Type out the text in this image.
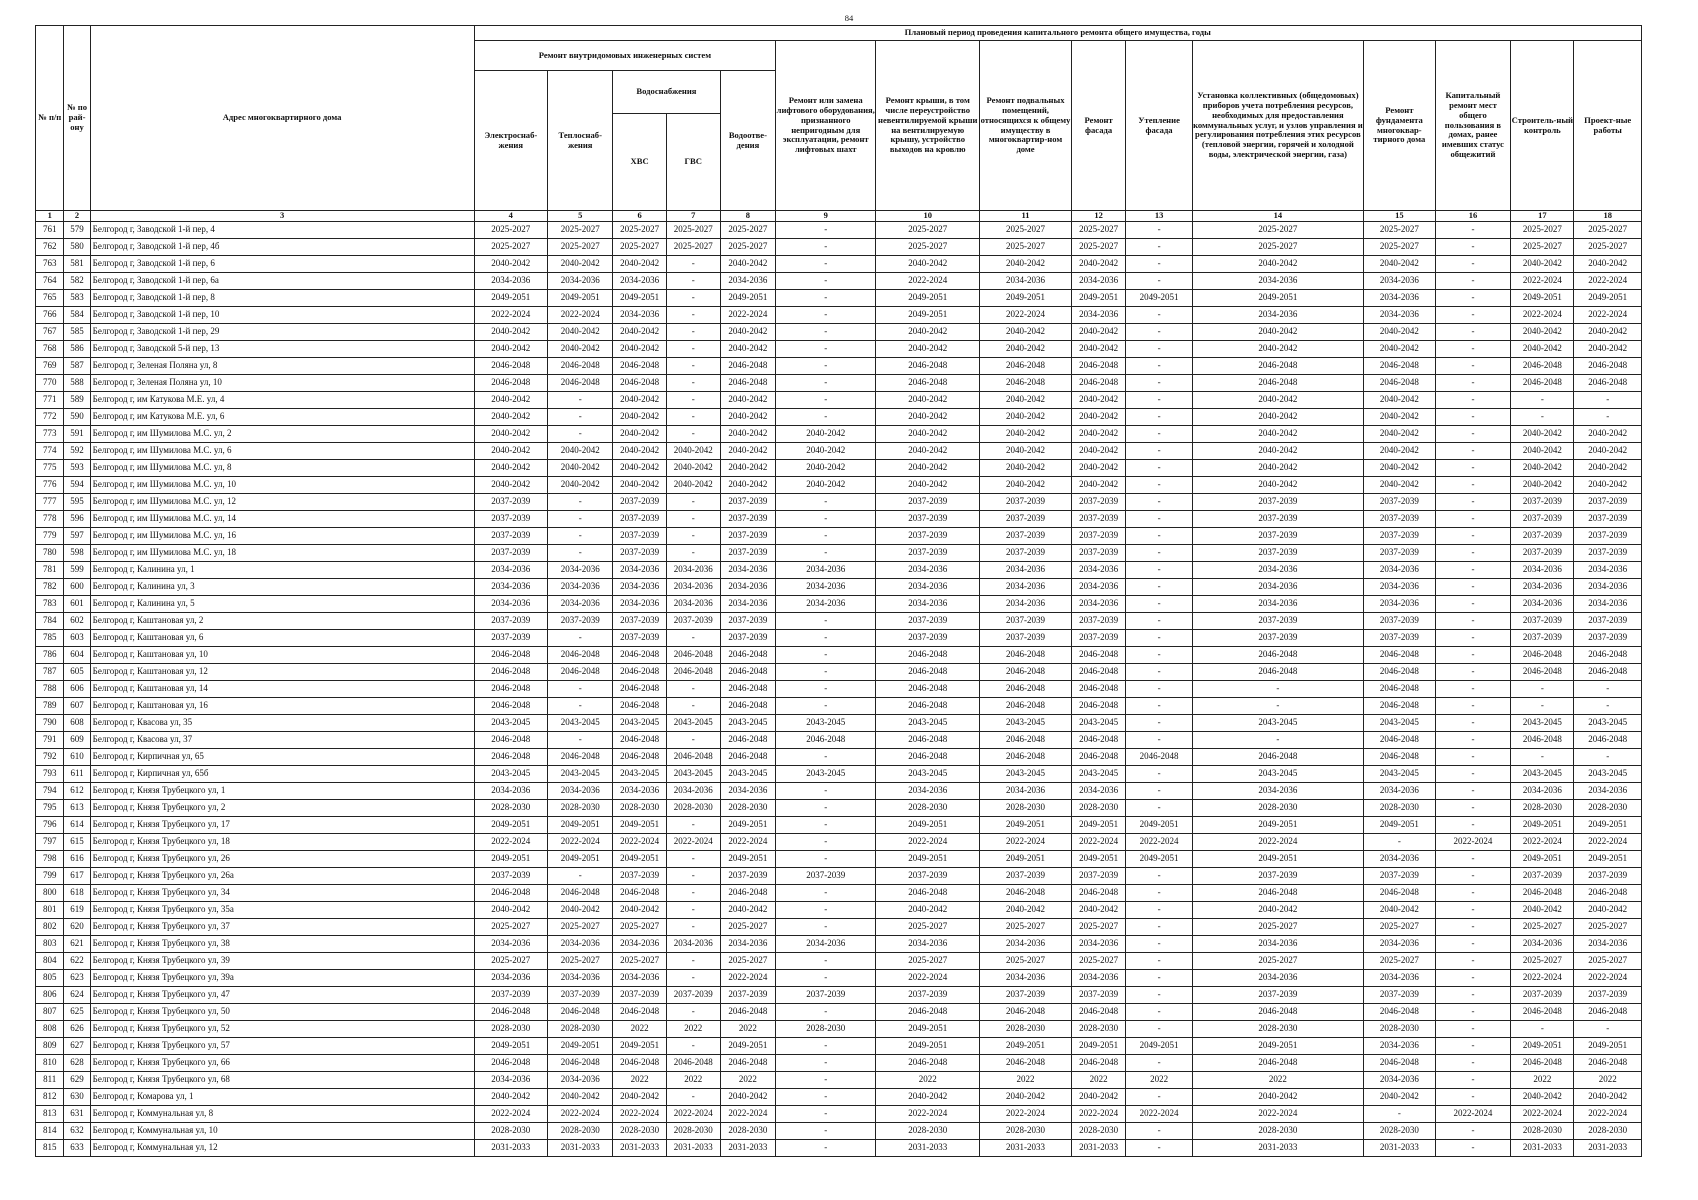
84
№ п/п	№ по рай-ону	Адрес многоквартирного дома	Плановый период проведения капитального ремонта общего имущества, годы														
			Ремонт внутридомовых инженерных систем					Ремонт или замена лифтового оборудования, признанного непригодным для эксплуатации, ремонт лифтовых шахт	Ремонт крыши, в том числе переустройство невентилируемой крыши на вентилируемую крышу, устройство выходов на кровлю	Ремонт подвальных помещений, относящихся к общему имуществу в многоквартир-ном доме	Ремонт фасада	Утепление фасада	Установка коллективных (общедомовых) приборов учета потребления ресурсов, необходимых для предоставления коммунальных услуг, и узлов управления и регулирования потребления этих ресурсов (тепловой энергии, горячей и холодной воды, электрической энергии, газа)	Ремонт фундамента многоквар-тирного дома	Капитальный ремонт мест общего пользования в домах, ранее имевших статус общежитий	Строитель-ный контроль	Проект-ные работы
			Электроснаб-жения	Теплоснаб-жения	Водоснабжения		Водоотве-дения										
					ХВС	ГВС											
1	2	3	4	5	6	7	8	9	10	11	12	13	14	15	16	17	18
761	579	Белгород г, Заводской 1-й пер, 4	2025-2027	2025-2027	2025-2027	2025-2027	2025-2027	-	2025-2027	2025-2027	2025-2027	-	2025-2027	2025-2027	-	2025-2027	2025-2027
762	580	Белгород г, Заводской 1-й пер, 4б	2025-2027	2025-2027	2025-2027	2025-2027	2025-2027	-	2025-2027	2025-2027	2025-2027	-	2025-2027	2025-2027	-	2025-2027	2025-2027
763	581	Белгород г, Заводской 1-й пер, 6	2040-2042	2040-2042	2040-2042	-	2040-2042	-	2040-2042	2040-2042	2040-2042	-	2040-2042	2040-2042	-	2040-2042	2040-2042
764	582	Белгород г, Заводской 1-й пер, 6а	2034-2036	2034-2036	2034-2036	-	2034-2036	-	2022-2024	2034-2036	2034-2036	-	2034-2036	2034-2036	-	2022-2024	2022-2024
765	583	Белгород г, Заводской 1-й пер, 8	2049-2051	2049-2051	2049-2051	-	2049-2051	-	2049-2051	2049-2051	2049-2051	2049-2051	2049-2051	2034-2036	-	2049-2051	2049-2051
766	584	Белгород г, Заводской 1-й пер, 10	2022-2024	2022-2024	2034-2036	-	2022-2024	-	2049-2051	2022-2024	2034-2036	-	2034-2036	2034-2036	-	2022-2024	2022-2024
767	585	Белгород г, Заводской 1-й пер, 29	2040-2042	2040-2042	2040-2042	-	2040-2042	-	2040-2042	2040-2042	2040-2042	-	2040-2042	2040-2042	-	2040-2042	2040-2042
768	586	Белгород г, Заводской 5-й пер, 13	2040-2042	2040-2042	2040-2042	-	2040-2042	-	2040-2042	2040-2042	2040-2042	-	2040-2042	2040-2042	-	2040-2042	2040-2042
769	587	Белгород г, Зеленая Поляна ул, 8	2046-2048	2046-2048	2046-2048	-	2046-2048	-	2046-2048	2046-2048	2046-2048	-	2046-2048	2046-2048	-	2046-2048	2046-2048
770	588	Белгород г, Зеленая Поляна ул, 10	2046-2048	2046-2048	2046-2048	-	2046-2048	-	2046-2048	2046-2048	2046-2048	-	2046-2048	2046-2048	-	2046-2048	2046-2048
771	589	Белгород г, им Катукова М.Е. ул, 4	2040-2042	-	2040-2042	-	2040-2042	-	2040-2042	2040-2042	2040-2042	-	2040-2042	2040-2042	-	-	-
772	590	Белгород г, им Катукова М.Е. ул, 6	2040-2042	-	2040-2042	-	2040-2042	-	2040-2042	2040-2042	2040-2042	-	2040-2042	2040-2042	-	-	-
773	591	Белгород г, им Шумилова М.С. ул, 2	2040-2042	-	2040-2042	-	2040-2042	2040-2042	2040-2042	2040-2042	2040-2042	-	2040-2042	2040-2042	-	2040-2042	2040-2042
774	592	Белгород г, им Шумилова М.С. ул, 6	2040-2042	2040-2042	2040-2042	2040-2042	2040-2042	2040-2042	2040-2042	2040-2042	2040-2042	-	2040-2042	2040-2042	-	2040-2042	2040-2042
775	593	Белгород г, им Шумилова М.С. ул, 8	2040-2042	2040-2042	2040-2042	2040-2042	2040-2042	2040-2042	2040-2042	2040-2042	2040-2042	-	2040-2042	2040-2042	-	2040-2042	2040-2042
776	594	Белгород г, им Шумилова М.С. ул, 10	2040-2042	2040-2042	2040-2042	2040-2042	2040-2042	2040-2042	2040-2042	2040-2042	2040-2042	-	2040-2042	2040-2042	-	2040-2042	2040-2042
777	595	Белгород г, им Шумилова М.С. ул, 12	2037-2039	-	2037-2039	-	2037-2039	-	2037-2039	2037-2039	2037-2039	-	2037-2039	2037-2039	-	2037-2039	2037-2039
778	596	Белгород г, им Шумилова М.С. ул, 14	2037-2039	-	2037-2039	-	2037-2039	-	2037-2039	2037-2039	2037-2039	-	2037-2039	2037-2039	-	2037-2039	2037-2039
779	597	Белгород г, им Шумилова М.С. ул, 16	2037-2039	-	2037-2039	-	2037-2039	-	2037-2039	2037-2039	2037-2039	-	2037-2039	2037-2039	-	2037-2039	2037-2039
780	598	Белгород г, им Шумилова М.С. ул, 18	2037-2039	-	2037-2039	-	2037-2039	-	2037-2039	2037-2039	2037-2039	-	2037-2039	2037-2039	-	2037-2039	2037-2039
781	599	Белгород г, Калинина ул, 1	2034-2036	2034-2036	2034-2036	2034-2036	2034-2036	2034-2036	2034-2036	2034-2036	2034-2036	-	2034-2036	2034-2036	-	2034-2036	2034-2036
782	600	Белгород г, Калинина ул, 3	2034-2036	2034-2036	2034-2036	2034-2036	2034-2036	2034-2036	2034-2036	2034-2036	2034-2036	-	2034-2036	2034-2036	-	2034-2036	2034-2036
783	601	Белгород г, Калинина ул, 5	2034-2036	2034-2036	2034-2036	2034-2036	2034-2036	2034-2036	2034-2036	2034-2036	2034-2036	-	2034-2036	2034-2036	-	2034-2036	2034-2036
784	602	Белгород г, Каштановая ул, 2	2037-2039	2037-2039	2037-2039	2037-2039	2037-2039	-	2037-2039	2037-2039	2037-2039	-	2037-2039	2037-2039	-	2037-2039	2037-2039
785	603	Белгород г, Каштановая ул, 6	2037-2039	-	2037-2039	-	2037-2039	-	2037-2039	2037-2039	2037-2039	-	2037-2039	2037-2039	-	2037-2039	2037-2039
786	604	Белгород г, Каштановая ул, 10	2046-2048	2046-2048	2046-2048	2046-2048	2046-2048	-	2046-2048	2046-2048	2046-2048	-	2046-2048	2046-2048	-	2046-2048	2046-2048
787	605	Белгород г, Каштановая ул, 12	2046-2048	2046-2048	2046-2048	2046-2048	2046-2048	-	2046-2048	2046-2048	2046-2048	-	2046-2048	2046-2048	-	2046-2048	2046-2048
788	606	Белгород г, Каштановая ул, 14	2046-2048	-	2046-2048	-	2046-2048	-	2046-2048	2046-2048	2046-2048	-	-	2046-2048	-	-	-
789	607	Белгород г, Каштановая ул, 16	2046-2048	-	2046-2048	-	2046-2048	-	2046-2048	2046-2048	2046-2048	-	-	2046-2048	-	-	-
790	608	Белгород г, Квасова ул, 35	2043-2045	2043-2045	2043-2045	2043-2045	2043-2045	2043-2045	2043-2045	2043-2045	2043-2045	-	2043-2045	2043-2045	-	2043-2045	2043-2045
791	609	Белгород г, Квасова ул, 37	2046-2048	-	2046-2048	-	2046-2048	2046-2048	2046-2048	2046-2048	2046-2048	-	-	2046-2048	-	2046-2048	2046-2048
792	610	Белгород г, Кирпичная ул, 65	2046-2048	2046-2048	2046-2048	2046-2048	2046-2048	-	2046-2048	2046-2048	2046-2048	2046-2048	2046-2048	2046-2048	-	-	-
793	611	Белгород г, Кирпичная ул, 65б	2043-2045	2043-2045	2043-2045	2043-2045	2043-2045	2043-2045	2043-2045	2043-2045	2043-2045	-	2043-2045	2043-2045	-	2043-2045	2043-2045
794	612	Белгород г, Князя Трубецкого ул, 1	2034-2036	2034-2036	2034-2036	2034-2036	2034-2036	-	2034-2036	2034-2036	2034-2036	-	2034-2036	2034-2036	-	2034-2036	2034-2036
795	613	Белгород г, Князя Трубецкого ул, 2	2028-2030	2028-2030	2028-2030	2028-2030	2028-2030	-	2028-2030	2028-2030	2028-2030	-	2028-2030	2028-2030	-	2028-2030	2028-2030
796	614	Белгород г, Князя Трубецкого ул, 17	2049-2051	2049-2051	2049-2051	-	2049-2051	-	2049-2051	2049-2051	2049-2051	2049-2051	2049-2051	2049-2051	-	2049-2051	2049-2051
797	615	Белгород г, Князя Трубецкого ул, 18	2022-2024	2022-2024	2022-2024	2022-2024	2022-2024	-	2022-2024	2022-2024	2022-2024	2022-2024	2022-2024	-	2022-2024	2022-2024	2022-2024
798	616	Белгород г, Князя Трубецкого ул, 26	2049-2051	2049-2051	2049-2051	-	2049-2051	-	2049-2051	2049-2051	2049-2051	2049-2051	2049-2051	2034-2036	-	2049-2051	2049-2051
799	617	Белгород г, Князя Трубецкого ул, 26а	2037-2039	-	2037-2039	-	2037-2039	2037-2039	2037-2039	2037-2039	2037-2039	-	2037-2039	2037-2039	-	2037-2039	2037-2039
800	618	Белгород г, Князя Трубецкого ул, 34	2046-2048	2046-2048	2046-2048	-	2046-2048	-	2046-2048	2046-2048	2046-2048	-	2046-2048	2046-2048	-	2046-2048	2046-2048
801	619	Белгород г, Князя Трубецкого ул, 35а	2040-2042	2040-2042	2040-2042	-	2040-2042	-	2040-2042	2040-2042	2040-2042	-	2040-2042	2040-2042	-	2040-2042	2040-2042
802	620	Белгород г, Князя Трубецкого ул, 37	2025-2027	2025-2027	2025-2027	-	2025-2027	-	2025-2027	2025-2027	2025-2027	-	2025-2027	2025-2027	-	2025-2027	2025-2027
803	621	Белгород г, Князя Трубецкого ул, 38	2034-2036	2034-2036	2034-2036	2034-2036	2034-2036	2034-2036	2034-2036	2034-2036	2034-2036	-	2034-2036	2034-2036	-	2034-2036	2034-2036
804	622	Белгород г, Князя Трубецкого ул, 39	2025-2027	2025-2027	2025-2027	-	2025-2027	-	2025-2027	2025-2027	2025-2027	-	2025-2027	2025-2027	-	2025-2027	2025-2027
805	623	Белгород г, Князя Трубецкого ул, 39а	2034-2036	2034-2036	2034-2036	-	2022-2024	-	2022-2024	2034-2036	2034-2036	-	2034-2036	2034-2036	-	2022-2024	2022-2024
806	624	Белгород г, Князя Трубецкого ул, 47	2037-2039	2037-2039	2037-2039	2037-2039	2037-2039	2037-2039	2037-2039	2037-2039	2037-2039	-	2037-2039	2037-2039	-	2037-2039	2037-2039
807	625	Белгород г, Князя Трубецкого ул, 50	2046-2048	2046-2048	2046-2048	-	2046-2048	-	2046-2048	2046-2048	2046-2048	-	2046-2048	2046-2048	-	2046-2048	2046-2048
808	626	Белгород г, Князя Трубецкого ул, 52	2028-2030	2028-2030	2022	2022	2022	2028-2030	2049-2051	2028-2030	2028-2030	-	2028-2030	2028-2030	-	-	-
809	627	Белгород г, Князя Трубецкого ул, 57	2049-2051	2049-2051	2049-2051	-	2049-2051	-	2049-2051	2049-2051	2049-2051	2049-2051	2049-2051	2034-2036	-	2049-2051	2049-2051
810	628	Белгород г, Князя Трубецкого ул, 66	2046-2048	2046-2048	2046-2048	2046-2048	2046-2048	-	2046-2048	2046-2048	2046-2048	-	2046-2048	2046-2048	-	2046-2048	2046-2048
811	629	Белгород г, Князя Трубецкого ул, 68	2034-2036	2034-2036	2022	2022	2022	-	2022	2022	2022	2022	2022	2034-2036	-	2022	2022
812	630	Белгород г, Комарова ул, 1	2040-2042	2040-2042	2040-2042	-	2040-2042	-	2040-2042	2040-2042	2040-2042	-	2040-2042	2040-2042	-	2040-2042	2040-2042
813	631	Белгород г, Коммунальная ул, 8	2022-2024	2022-2024	2022-2024	2022-2024	2022-2024	-	2022-2024	2022-2024	2022-2024	2022-2024	2022-2024	-	2022-2024	2022-2024	2022-2024
814	632	Белгород г, Коммунальная ул, 10	2028-2030	2028-2030	2028-2030	2028-2030	2028-2030	-	2028-2030	2028-2030	2028-2030	-	2028-2030	2028-2030	-	2028-2030	2028-2030
815	633	Белгород г, Коммунальная ул, 12	2031-2033	2031-2033	2031-2033	2031-2033	2031-2033	-	2031-2033	2031-2033	2031-2033	-	2031-2033	2031-2033	-	2031-2033	2031-2033
